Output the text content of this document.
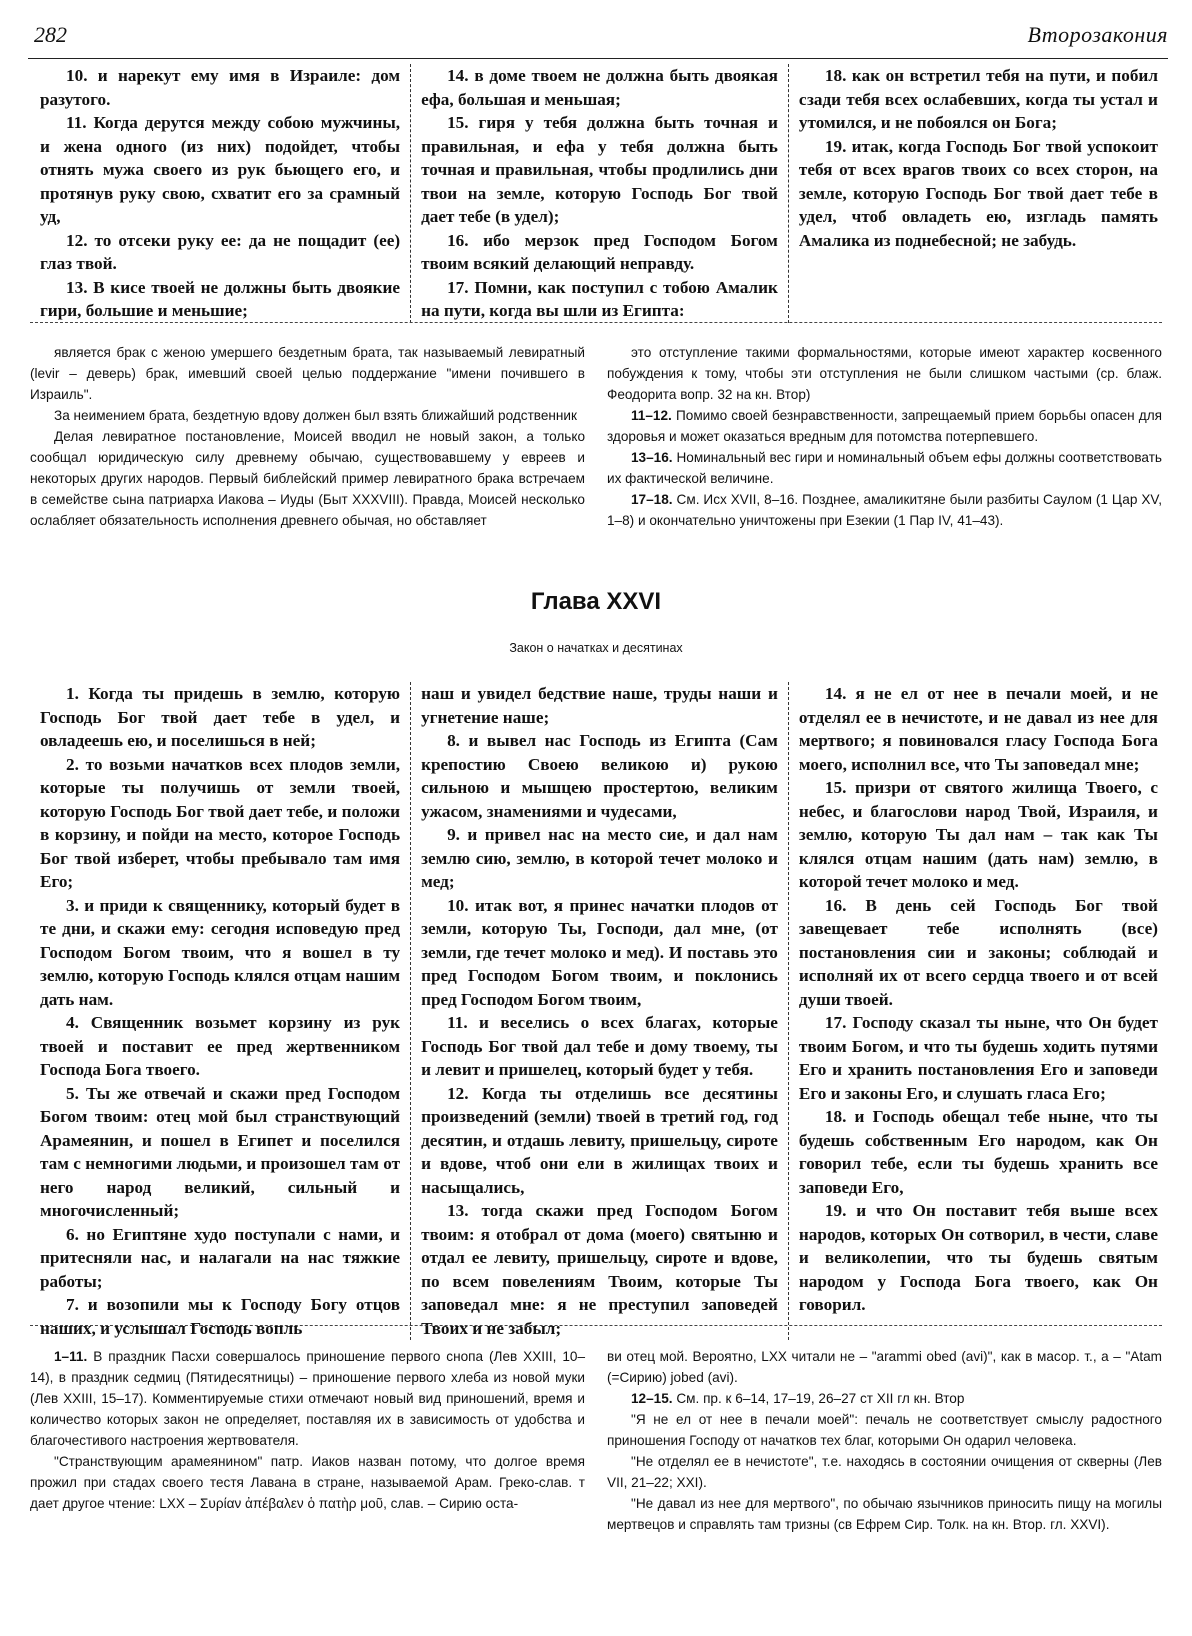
282	Второзакония

10. и нарекут ему имя в Израиле: дом разутого.

11. Когда дерутся между собою мужчины, и жена одного (из них) подойдет, чтобы отнять мужа своего из рук бьющего его, и протянув руку свою, схватит его за срамный уд,

12. то отсеки руку ее: да не пощадит (ее) глаз твой.

13. В кисе твоей не должны быть двоякие гири, большие и меньшие;

14. в доме твоем не должна быть двоякая ефа, большая и меньшая;

15. гиря у тебя должна быть точная и правильная, и ефа у тебя должна быть точная и правильная, чтобы продлились дни твои на земле, которую Господь Бог твой дает тебе (в удел);

16. ибо мерзок пред Господом Богом твоим всякий делающий неправду.

17. Помни, как поступил с тобою Амалик на пути, когда вы шли из Египта:

18. как он встретил тебя на пути, и побил сзади тебя всех ослабевших, когда ты устал и утомился, и не побоялся он Бога;

19. итак, когда Господь Бог твой успокоит тебя от всех врагов твоих со всех сторон, на земле, которую Господь Бог твой дает тебе в удел, чтоб овладеть ею, изгладь память Амалика из поднебесной; не забудь.

является брак с женою умершего бездетным брата, так называемый левиратный (levir – деверь) брак, имевший своей целью поддержание "имени почившего в Израиль".

За неимением брата, бездетную вдову должен был взять ближайший родственник

Делая левиратное постановление, Моисей вводил не новый закон, а только сообщал юридическую силу древнему обычаю, существовавшему у евреев и некоторых других народов. Первый библейский пример левиратного брака встречаем в семействе сына патриарха Иакова – Иуды (Быт XXXVIII). Правда, Моисей несколько ослабляет обязательность исполнения древнего обычая, но обставляет

это отступление такими формальностями, которые имеют характер косвенного побуждения к тому, чтобы эти отступления не были слишком частыми (ср. блаж. Феодорита вопр. 32 на кн. Втор)

11–12. Помимо своей безнравственности, запрещаемый прием борьбы опасен для здоровья и может оказаться вредным для потомства потерпевшего.

13–16. Номинальный вес гири и номинальный объем ефы должны соответствовать их фактической величине.

17–18. См. Исх XVII, 8–16. Позднее, амаликитяне были разбиты Саулом (1 Цар XV, 1–8) и окончательно уничтожены при Езекии (1 Пар IV, 41–43).

Глава XXVI
Закон о начатках и десятинах

1. Когда ты придешь в землю, которую Господь Бог твой дает тебе в удел, и овладеешь ею, и поселишься в ней;

2. то возьми начатков всех плодов земли, которые ты получишь от земли твоей, которую Господь Бог твой дает тебе, и положи в корзину, и пойди на место, которое Господь Бог твой изберет, чтобы пребывало там имя Его;

3. и приди к священнику, который будет в те дни, и скажи ему: сегодня исповедую пред Господом Богом твоим, что я вошел в ту землю, которую Господь клялся отцам нашим дать нам.

4. Священник возьмет корзину из рук твоей и поставит ее пред жертвенником Господа Бога твоего.

5. Ты же отвечай и скажи пред Господом Богом твоим: отец мой был странствующий Арамеянин, и пошел в Египет и поселился там с немногими людьми, и произошел там от него народ великий, сильный и многочисленный;

6. но Египтяне худо поступали с нами, и притесняли нас, и налагали на нас тяжкие работы;

7. и возопили мы к Господу Богу отцов наших, и услышал Господь вопль

наш и увидел бедствие наше, труды наши и угнетение наше;

8. и вывел нас Господь из Египта (Сам крепостию Своею великою и) рукою сильною и мышцею простертою, великим ужасом, знамениями и чудесами,

9. и привел нас на место сие, и дал нам землю сию, землю, в которой течет молоко и мед;

10. итак вот, я принес начатки плодов от земли, которую Ты, Господи, дал мне, (от земли, где течет молоко и мед). И поставь это пред Господом Богом твоим, и поклонись пред Господом Богом твоим,

11. и веселись о всех благах, которые Господь Бог твой дал тебе и дому твоему, ты и левит и пришелец, который будет у тебя.

12. Когда ты отделишь все десятины произведений (земли) твоей в третий год, год десятин, и отдашь левиту, пришельцу, сироте и вдове, чтоб они ели в жилищах твоих и насыщались,

13. тогда скажи пред Господом Богом твоим: я отобрал от дома (моего) святыню и отдал ее левиту, пришельцу, сироте и вдове, по всем повелениям Твоим, которые Ты заповедал мне: я не преступил заповедей Твоих и не забыл;

14. я не ел от нее в печали моей, и не отделял ее в нечистоте, и не давал из нее для мертвого; я повиновался гласу Господа Бога моего, исполнил все, что Ты заповедал мне;

15. призри от святого жилища Твоего, с небес, и благослови народ Твой, Израиля, и землю, которую Ты дал нам – так как Ты клялся отцам нашим (дать нам) землю, в которой течет молоко и мед.

16. В день сей Господь Бог твой завещевает тебе исполнять (все) постановления сии и законы; соблюдай и исполняй их от всего сердца твоего и от всей души твоей.

17. Господу сказал ты ныне, что Он будет твоим Богом, и что ты будешь ходить путями Его и хранить постановления Его и заповеди Его и законы Его, и слушать гласа Его;

18. и Господь обещал тебе ныне, что ты будешь собственным Его народом, как Он говорил тебе, если ты будешь хранить все заповеди Его,

19. и что Он поставит тебя выше всех народов, которых Он сотворил, в чести, славе и великолепии, что ты будешь святым народом у Господа Бога твоего, как Он говорил.

1–11. В праздник Пасхи совершалось приношение первого снопа (Лев XXIII, 10–14), в праздник седмиц (Пятидесятницы) – приношение первого хлеба из новой муки (Лев XXIII, 15–17). Комментируемые стихи отмечают новый вид приношений, время и количество которых закон не определяет, поставляя их в зависимость от удобства и благочестивого настроения жертвователя.

"Странствующим арамеянином" патр. Иаков назван потому, что долгое время прожил при стадах своего тестя Лавана в стране, называемой Арам. Греко-слав. т дает другое чтение: LXX – Συρίαν ἀπέβαλεν ὁ πατὴρ μοῦ, слав. – Сирию оста-

ви отец мой. Вероятно, LXX читали не – "arammi obed (avi)", как в масор. т., а – "Atam (=Сирию) jobed (avi).

12–15. См. пр. к 6–14, 17–19, 26–27 ст XII гл кн. Втор

"Я не ел от нее в печали моей": печаль не соответствует смыслу радостного приношения Господу от начатков тех благ, которыми Он одарил человека.

"Не отделял ее в нечистоте", т.е. находясь в состоянии очищения от скверны (Лев VII, 21–22; XXI).

"Не давал из нее для мертвого", по обычаю язычников приносить пищу на могилы мертвецов и справлять там тризны (св Ефрем Сир. Толк. на кн. Втор. гл. XXVI).
